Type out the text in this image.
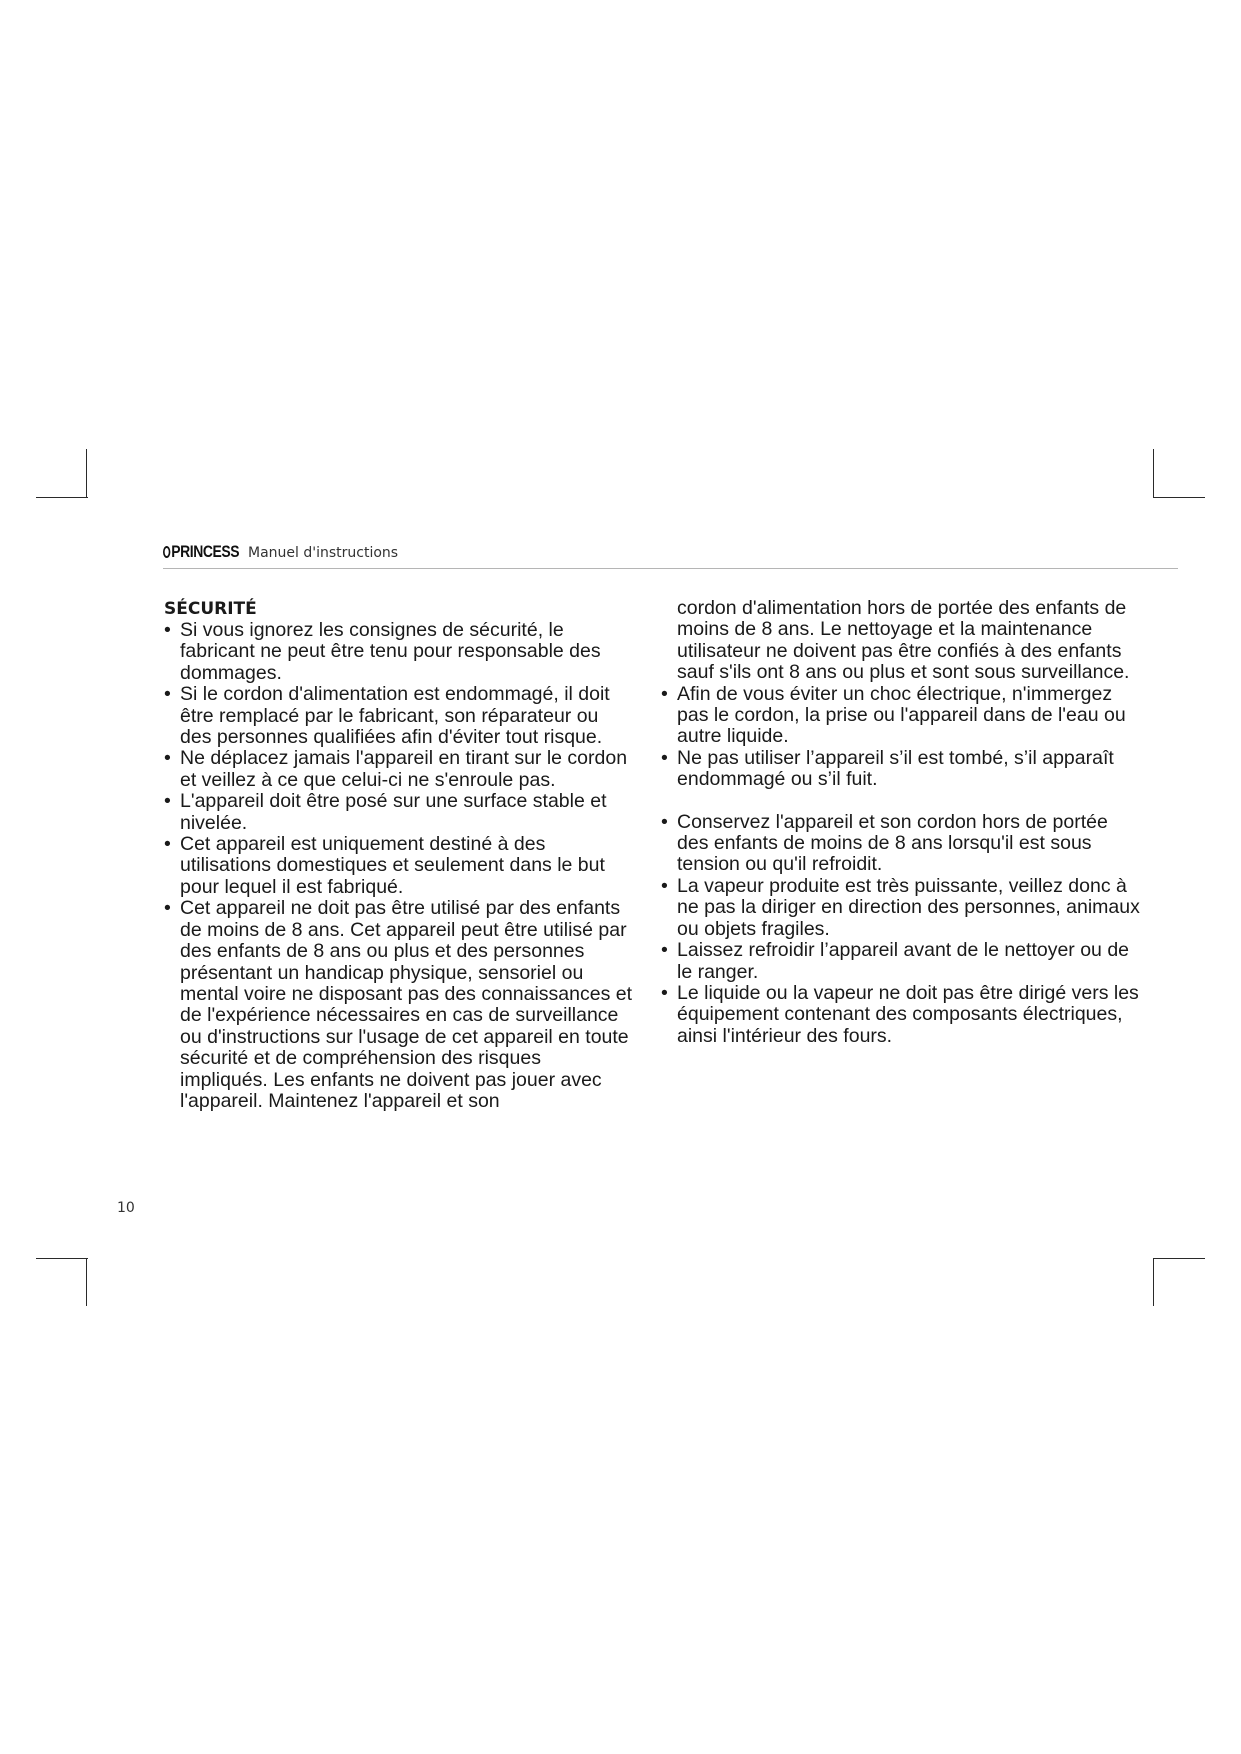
PRINCESS Manuel d'instructions
SÉCURITÉ
• Si vous ignorez les consignes de sécurité, le fabricant ne peut être tenu pour responsable des dommages.
• Si le cordon d'alimentation est endommagé, il doit être remplacé par le fabricant, son réparateur ou des personnes qualifiées afin d'éviter tout risque.
• Ne déplacez jamais l'appareil en tirant sur le cordon et veillez à ce que celui-ci ne s'enroule pas.
• L'appareil doit être posé sur une surface stable et nivelée.
• Cet appareil est uniquement destiné à des utilisations domestiques et seulement dans le but pour lequel il est fabriqué.
• Cet appareil ne doit pas être utilisé par des enfants de moins de 8 ans. Cet appareil peut être utilisé par des enfants de 8 ans ou plus et des personnes présentant un handicap physique, sensoriel ou mental voire ne disposant pas des connaissances et de l'expérience nécessaires en cas de surveillance ou d'instructions sur l'usage de cet appareil en toute sécurité et de compréhension des risques impliqués. Les enfants ne doivent pas jouer avec l'appareil. Maintenez l'appareil et son
cordon d'alimentation hors de portée des enfants de moins de 8 ans. Le nettoyage et la maintenance utilisateur ne doivent pas être confiés à des enfants sauf s'ils ont 8 ans ou plus et sont sous surveillance.
• Afin de vous éviter un choc électrique, n'immergez pas le cordon, la prise ou l'appareil dans de l'eau ou autre liquide.
• Ne pas utiliser l’appareil s’il est tombé, s’il apparaît endommagé ou s’il fuit.
• Conservez l'appareil et son cordon hors de portée des enfants de moins de 8 ans lorsqu'il est sous tension ou qu'il refroidit.
• La vapeur produite est très puissante, veillez donc à ne pas la diriger en direction des personnes, animaux ou objets fragiles.
• Laissez refroidir l’appareil avant de le nettoyer ou de le ranger.
• Le liquide ou la vapeur ne doit pas être dirigé vers les équipement contenant des composants électriques, ainsi l'intérieur des fours.
10
